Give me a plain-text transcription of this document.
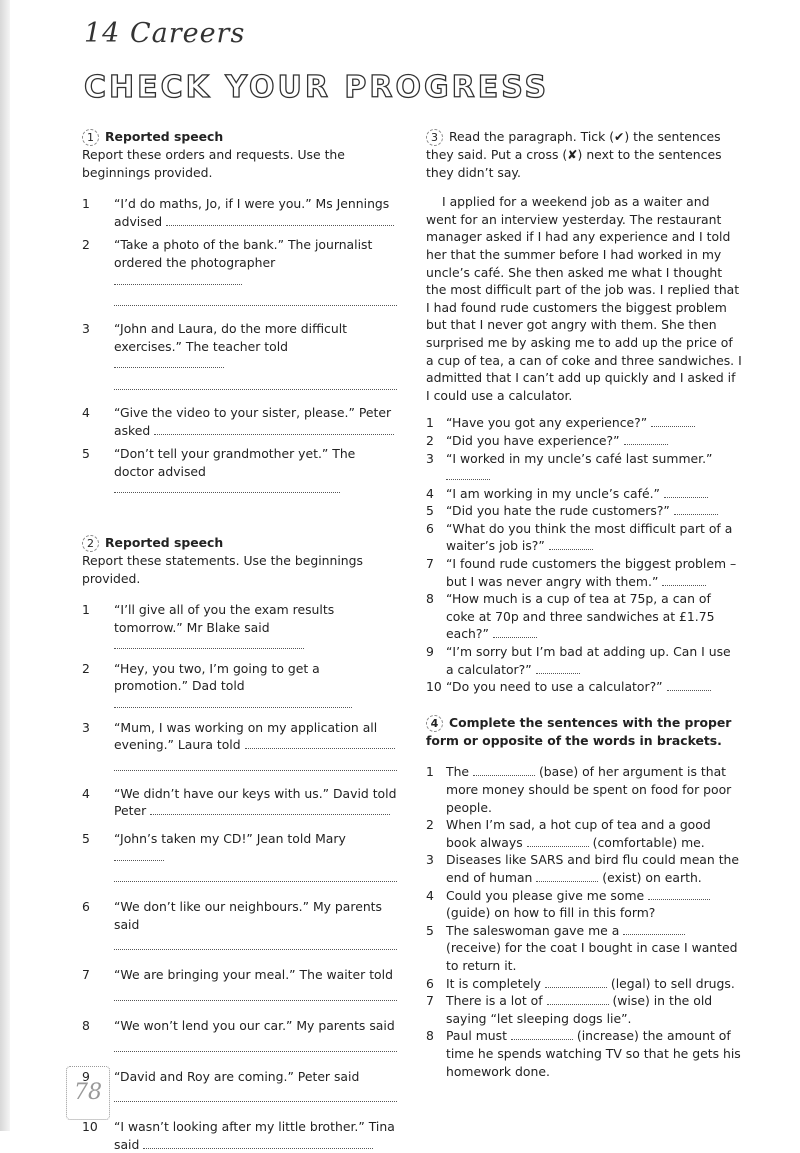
14 Careers
CHECK YOUR PROGRESS
1 Reported speech
Report these orders and requests. Use the beginnings provided.
1	“I’d do maths, Jo, if I were you.” Ms Jennings advised
2	“Take a photo of the bank.” The journalist ordered the photographer
3	“John and Laura, do the more difficult exercises.” The teacher told
4	“Give the video to your sister, please.” Peter asked
5	“Don’t tell your grandmother yet.” The doctor advised
2 Reported speech
Report these statements. Use the beginnings provided.
1	“I’ll give all of you the exam results tomorrow.” Mr Blake said
2	“Hey, you two, I’m going to get a promotion.” Dad told
3	“Mum, I was working on my application all evening.” Laura told
4	“We didn’t have our keys with us.” David told Peter
5	“John’s taken my CD!” Jean told Mary
6	“We don’t like our neighbours.” My parents said
7	“We are bringing your meal.” The waiter told
8	“We won’t lend you our car.” My parents said
9	“David and Roy are coming.” Peter said
10	“I wasn’t looking after my little brother.” Tina said
3 Read the paragraph. Tick (✔) the sentences they said. Put a cross (✘) next to the sentences they didn’t say.
I applied for a weekend job as a waiter and went for an interview yesterday. The restaurant manager asked if I had any experience and I told her that the summer before I had worked in my uncle’s café. She then asked me what I thought the most difficult part of the job was. I replied that I had found rude customers the biggest problem but that I never got angry with them. She then surprised me by asking me to add up the price of a cup of tea, a can of coke and three sandwiches. I admitted that I can’t add up quickly and I asked if I could use a calculator.
1 “Have you got any experience?”
2 “Did you have experience?”
3 “I worked in my uncle’s café last summer.”
4 “I am working in my uncle’s café.”
5 “Did you hate the rude customers?”
6 “What do you think the most difficult part of a waiter’s job is?”
7 “I found rude customers the biggest problem – but I was never angry with them.”
8 “How much is a cup of tea at 75p, a can of coke at 70p and three sandwiches at £1.75 each?”
9 “I’m sorry but I’m bad at adding up. Can I use a calculator?”
10 “Do you need to use a calculator?”
4 Complete the sentences with the proper form or opposite of the words in brackets.
1 The	(base) of her argument is that more money should be spent on food for poor people.
2 When I’m sad, a hot cup of tea and a good book always	(comfortable) me.
3 Diseases like SARS and bird flu could mean the end of human	(exist) on earth.
4 Could you please give me some  (guide) on how to fill in this form?
5 The saleswoman gave me a  (receive) for the coat I bought in case I wanted to return it.
6 It is completely	(legal) to sell drugs.
7 There is a lot of	(wise) in the old saying “let sleeping dogs lie”.
8 Paul must	(increase) the amount of time he spends watching TV so that he gets his homework done.
78
